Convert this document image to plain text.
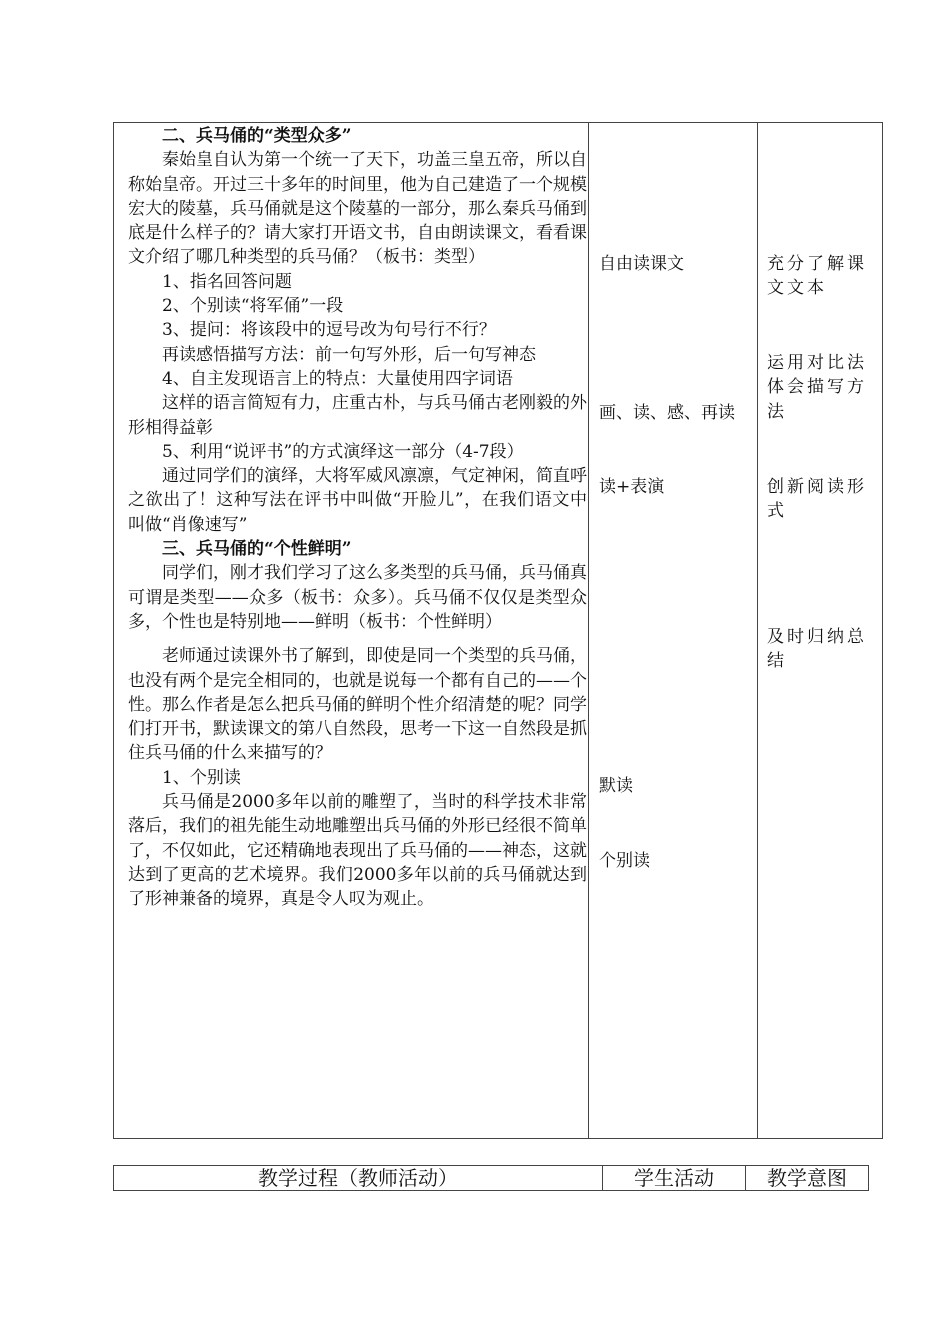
二、兵马俑的“类型众多”

秦始皇自认为第一个统一了天下，功盖三皇五帝，所以自称始皇帝。开过三十多年的时间里，他为自己建造了一个规模宏大的陵墓，兵马俑就是这个陵墓的一部分，那么秦兵马俑到底是什么样子的？请大家打开语文书，自由朗读课文，看看课文介绍了哪几种类型的兵马俑？（板书：类型）

1、指名回答问题

2、个别读“将军俑”一段

3、提问：将该段中的逗号改为句号行不行？

再读感悟描写方法：前一句写外形，后一句写神态

4、自主发现语言上的特点：大量使用四字词语

这样的语言简短有力，庄重古朴，与兵马俑古老刚毅的外形相得益彰

5、利用“说评书”的方式演绎这一部分（4-7段）

通过同学们的演绎，大将军威风凛凛，气定神闲，简直呼之欲出了！这种写法在评书中叫做“开脸儿”，在我们语文中叫做“肖像速写”

三、兵马俑的“个性鲜明”

同学们，刚才我们学习了这么多类型的兵马俑，兵马俑真可谓是类型——众多（板书：众多）。兵马俑不仅仅是类型众多，个性也是特别地——鲜明（板书：个性鲜明）

老师通过读课外书了解到，即使是同一个类型的兵马俑，也没有两个是完全相同的，也就是说每一个都有自己的——个性。那么作者是怎么把兵马俑的鲜明个性介绍清楚的呢？同学们打开书，默读课文的第八自然段，思考一下这一自然段是抓住兵马俑的什么来描写的？

1、个别读

兵马俑是2000多年以前的雕塑了，当时的科学技术非常落后，我们的祖先能生动地雕塑出兵马俑的外形已经很不简单了，不仅如此，它还精确地表现出了兵马俑的——神态，这就达到了更高的艺术境界。我们2000多年以前的兵马俑就达到了形神兼备的境界，真是令人叹为观止。

自由读课文
画、读、感、再读
读+表演
默读
个别读
充分了解课文文本
运用对比法体会描写方法
创新阅读形式
及时归纳总结
教学过程（教师活动）	学生活动	教学意图
